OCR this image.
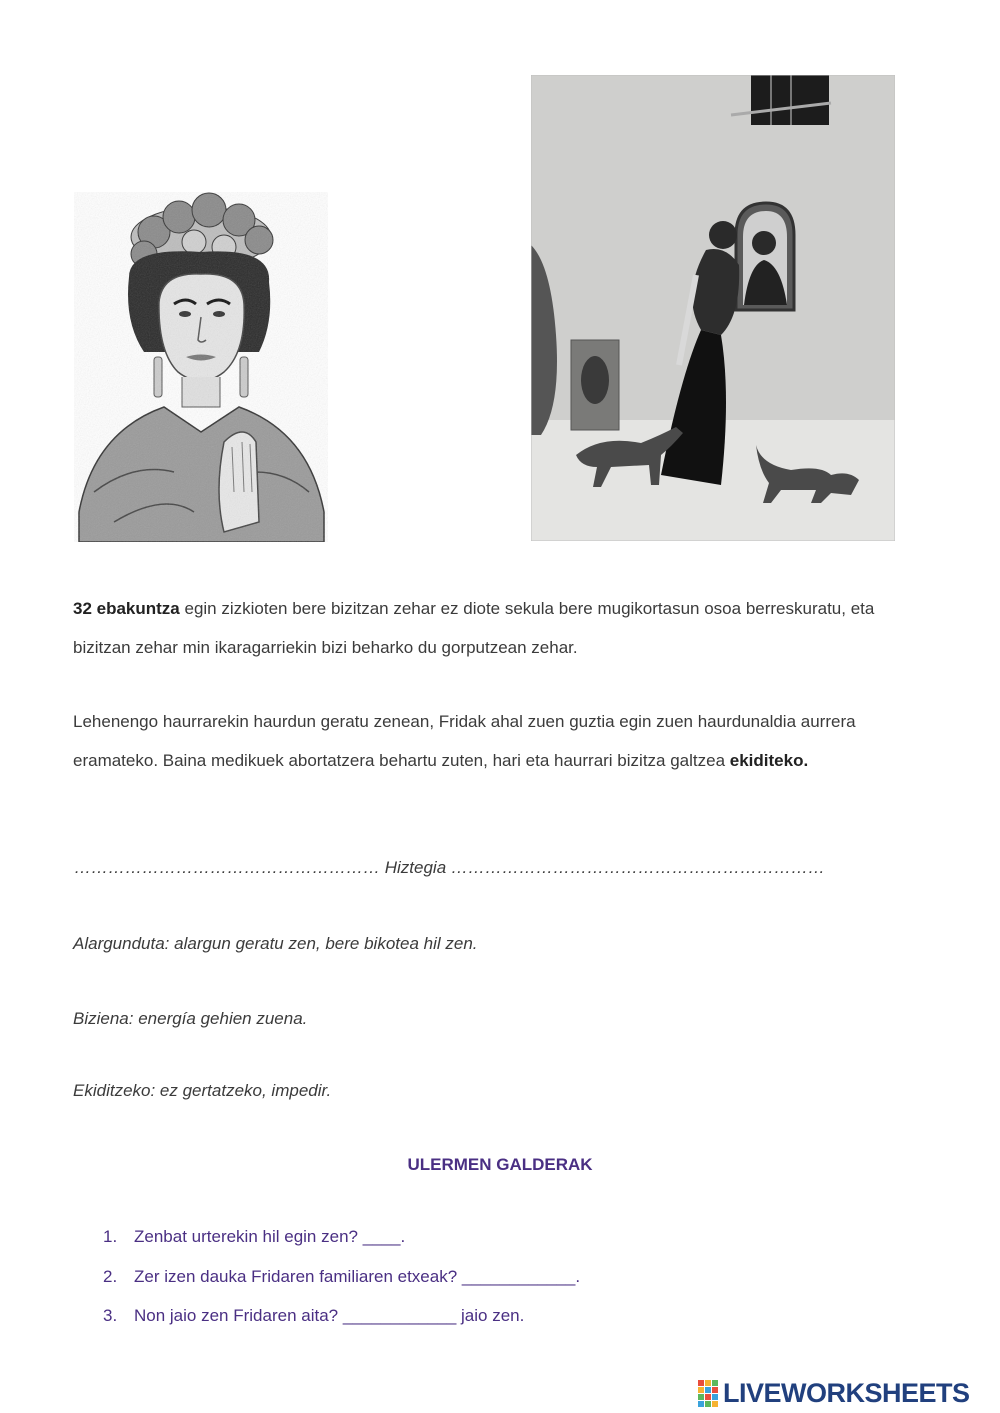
32 ebakuntza egin zizkioten bere bizitzan zehar ez diote sekula bere mugikortasun osoa berreskuratu, eta bizitzan zehar min ikaragarriekin bizi beharko du gorputzean zehar.

Lehenengo haurrarekin haurdun geratu zenean, Fridak ahal zuen guztia egin zuen haurdunaldia aurrera eramateko. Baina medikuek abortatzera behartu zuten, hari eta haurrari bizitza galtzea ekiditeko.

……………………………………………… Hiztegia …………………………………………………………
Alargunduta: alargun geratu zen, bere bikotea hil zen.
Biziena: energía gehien zuena.
Ekiditzeko: ez gertatzeko, impedir.
ULERMEN GALDERAK
1. Zenbat urterekin hil egin zen? ____.
2. Zer izen dauka Fridaren familiaren etxeak? ____________.
3. Non jaio zen Fridaren aita? ____________ jaio zen.
LIVEWORKSHEETS
